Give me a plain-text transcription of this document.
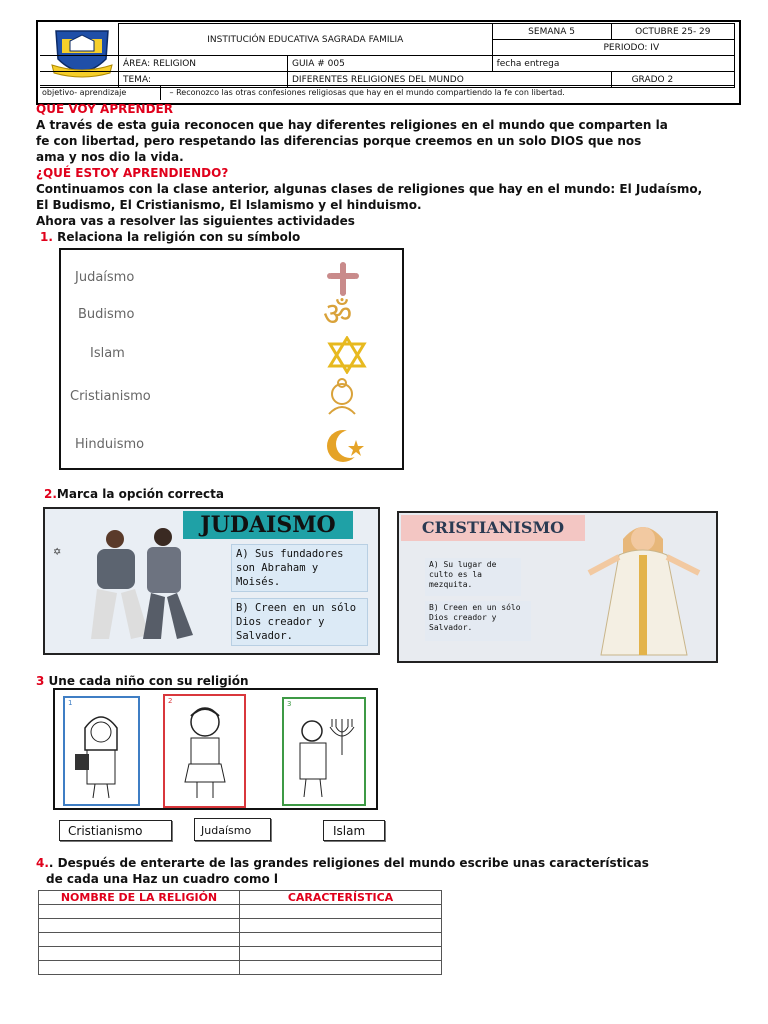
	INSTITUCIÓN EDUCATIVA SAGRADA FAMILIA		SEMANA 5	OCTUBRE 25- 29
			PERIODO: IV	
	ÁREA: RELIGION	GUIA # 005	fecha entrega	
	TEMA:	DIFERENTES RELIGIONES DEL MUNDO		GRADO 2
objetivo- aprendizaje	– Reconozco las otras confesiones religiosas que hay en el mundo compartiendo la fe con libertad.
QUE VOY APRENDER
A través de esta guia reconocen que hay diferentes religiones en el mundo que comparten la
fe con libertad, pero respetando las diferencias porque creemos en un solo DIOS que nos
ama y nos dio la vida.
¿QUÉ ESTOY APRENDIENDO?
Continuamos con la clase anterior, algunas clases de religiones que hay en el mundo: El Judaísmo,
El Budismo, El Cristianismo, El Islamismo y el hinduismo.
Ahora vas a resolver las siguientes actividades
1. Relaciona la religión con su símbolo
Judaísmo
Budismo
Islam
Cristianismo
Hinduismo
ॐ
2.Marca la opción correcta
JUDAISMO
✡	A) Sus fundadores son Abraham y Moisés.
B) Creen en un sólo Dios creador y Salvador.
CRISTIANISMO
A) Su lugar de culto es la mezquita.
B) Creen en un sólo Dios creador y Salvador.
3 Une cada niño con su religión
1	2	3
Cristianismo	Judaísmo	Islam
4.. Después de enterarte de las grandes religiones del mundo escribe unas características
de cada una Haz un cuadro como l
NOMBRE DE LA RELIGIÓN	CARACTERÍSTICA
